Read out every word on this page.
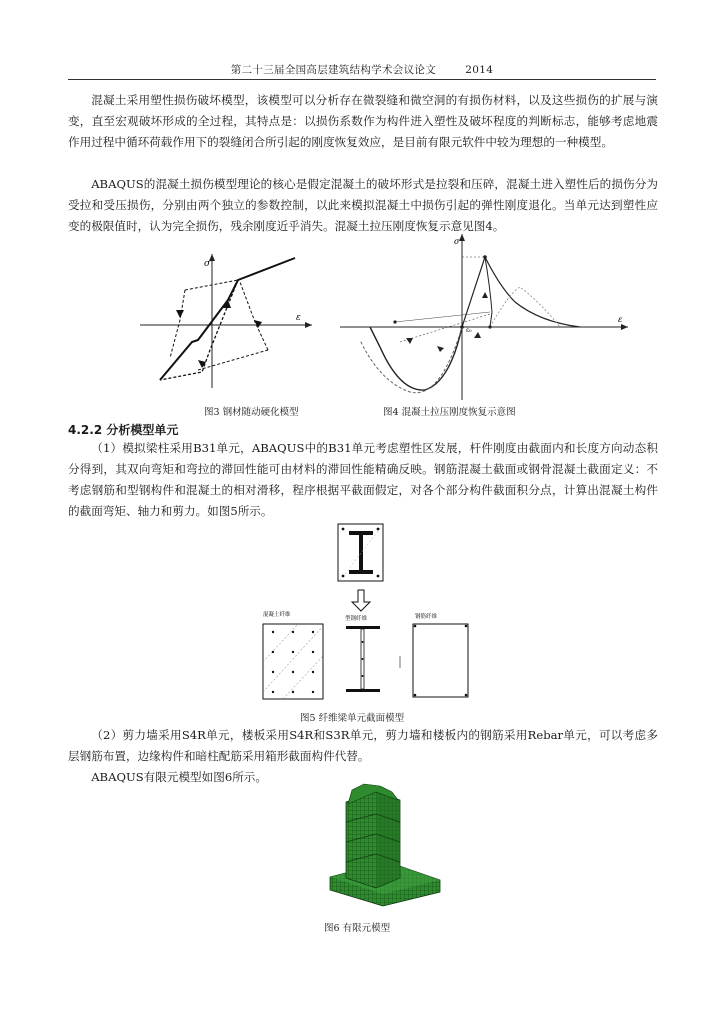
第二十三届全国高层建筑结构学术会议论文	2014

混凝土采用塑性损伤破坏模型，该模型可以分析存在微裂缝和微空洞的有损伤材料，以及这些损伤的扩展与演变，直至宏观破坏形成的全过程，其特点是：以损伤系数作为构件进入塑性及破坏程度的判断标志，能够考虑地震作用过程中循环荷载作用下的裂缝闭合所引起的刚度恢复效应，是目前有限元软件中较为理想的一种模型。

ABAQUS的混凝土损伤模型理论的核心是假定混凝土的破坏形式是拉裂和压碎，混凝土进入塑性后的损伤分为受拉和受压损伤，分别由两个独立的参数控制，以此来模拟混凝土中损伤引起的弹性刚度退化。当单元达到塑性应变的极限值时，认为完全损伤，残余刚度近乎消失。混凝土拉压刚度恢复示意见图4。

σ
ε
σ
ε
ε₀
图3 钢材随动硬化模型	图4 混凝土拉压刚度恢复示意图
4.2.2 分析模型单元

（1）模拟梁柱采用B31单元，ABAQUS中的B31单元考虑塑性区发展，杆件刚度由截面内和长度方向动态积分得到，其双向弯矩和弯拉的滞回性能可由材料的滞回性能精确反映。钢筋混凝土截面或钢骨混凝土截面定义：不考虑钢筋和型钢构件和混凝土的相对滑移，程序根据平截面假定，对各个部分构件截面积分点，计算出混凝土构件的截面弯矩、轴力和剪力。如图5所示。

混凝土纤维
型钢纤维	钢筋纤维
图5 纤维梁单元截面模型

（2）剪力墙采用S4R单元，楼板采用S4R和S3R单元，剪力墙和楼板内的钢筋采用Rebar单元，可以考虑多层钢筋布置，边缘构件和暗柱配筋采用箱形截面构件代替。

ABAQUS有限元模型如图6所示。

图6 有限元模型
